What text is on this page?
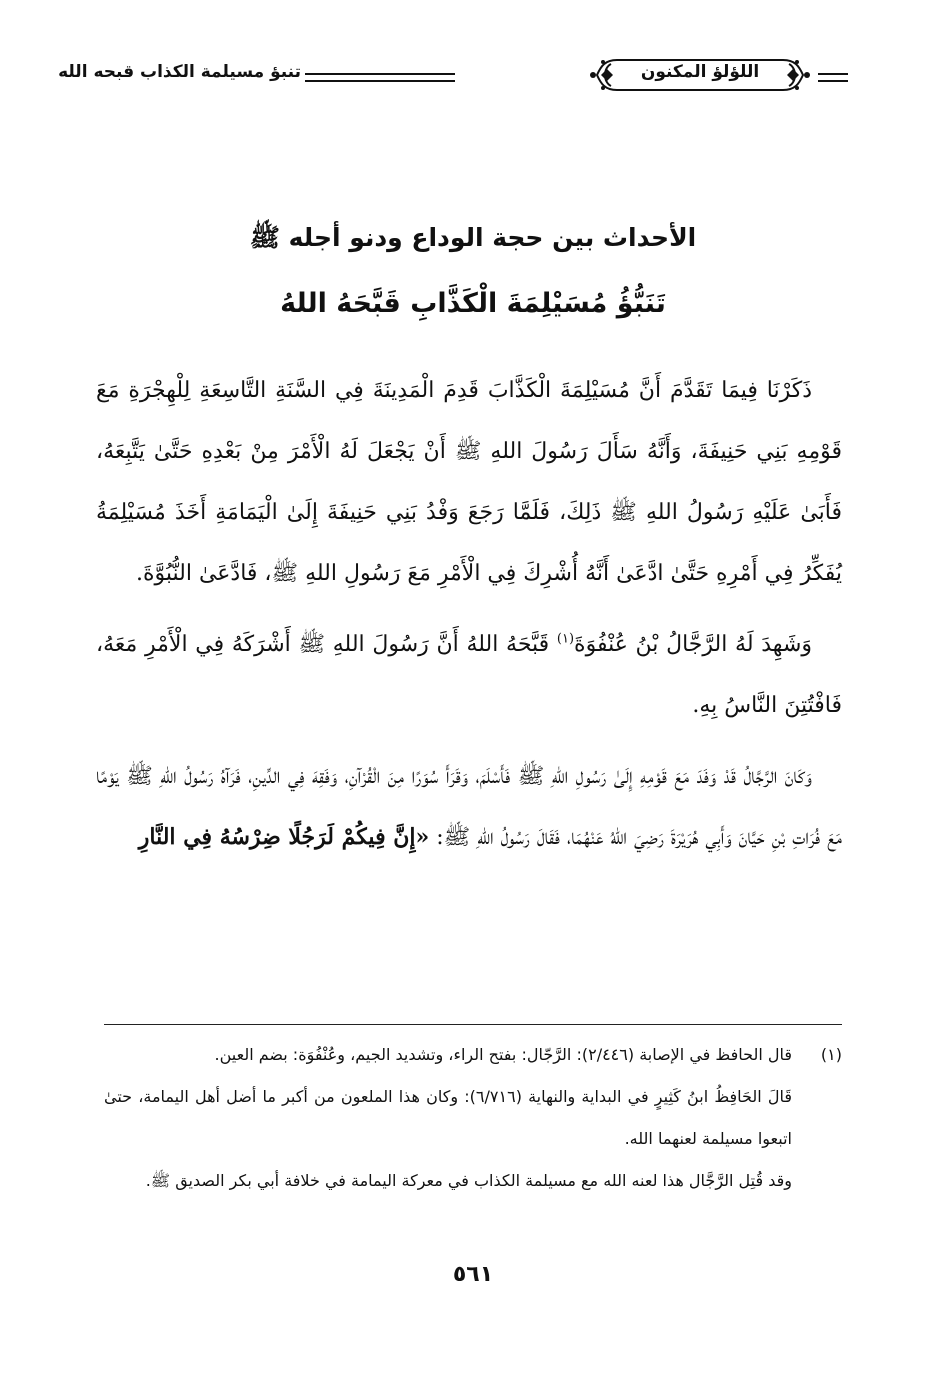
تنبؤ مسيلمة الكذاب قبحه الله	اللؤلؤ المكنون
الأحداث بين حجة الوداع ودنو أجله ﷺ
تَنَبُّؤُ مُسَيْلِمَةَ الْكَذَّابِ قَبَّحَهُ اللهُ

ذَكَرْنَا فِيمَا تَقَدَّمَ أَنَّ مُسَيْلِمَةَ الْكَذَّابَ قَدِمَ الْمَدِينَةَ فِي السَّنَةِ التَّاسِعَةِ لِلْهِجْرَةِ مَعَ قَوْمِهِ بَنِي حَنِيفَةَ، وَأَنَّهُ سَأَلَ رَسُولَ اللهِ ﷺ أَنْ يَجْعَلَ لَهُ الْأَمْرَ مِنْ بَعْدِهِ حَتَّىٰ يَتَّبِعَهُ، فَأَبَىٰ عَلَيْهِ رَسُولُ اللهِ ﷺ ذَلِكَ، فَلَمَّا رَجَعَ وَفْدُ بَنِي حَنِيفَةَ إِلَىٰ الْيَمَامَةِ أَخَذَ مُسَيْلِمَةُ يُفَكِّرُ فِي أَمْرِهِ حَتَّىٰ ادَّعَىٰ أَنَّهُ أُشْرِكَ فِي الْأَمْرِ مَعَ رَسُولِ اللهِ ﷺ، فَادَّعَىٰ النُّبُوَّةَ.

وَشَهِدَ لَهُ الرَّجَّالُ بْنُ عُنْفُوَةَ$^{(١)}$ قَبَّحَهُ اللهُ أَنَّ رَسُولَ اللهِ ﷺ أَشْرَكَهُ فِي الْأَمْرِ مَعَهُ، فَافْتُتِنَ النَّاسُ بِهِ.

وَكَانَ الرَّجَّالُ قَدْ وَفَدَ مَعَ قَوْمِهِ إِلَىٰ رَسُولِ اللهِ ﷺ فَأَسْلَمَ، وَقَرَأَ سُوَرًا مِنَ الْقُرْآنِ، وَفَقِهَ فِي الدِّينِ، فَرَآهُ رَسُولُ اللهِ ﷺ يَوْمًا مَعَ فُرَاتِ بْنِ حَيَّانَ وَأَبِي هُرَيْرَةَ رَضِيَ اللهُ عَنْهُمَا، فَقَالَ رَسُولُ اللهِ ﷺ: «إِنَّ فِيكُمْ لَرَجُلًا ضِرْسُهُ فِي النَّارِ

(١)
قال الحافظ في الإصابة (٢/٤٤٦): الرَّجّال: بفتح الراء، وتشديد الجيم، وعُنْفُوَة: بضم العين.

قَالَ الحَافِظُ ابنُ كَثِيرٍ في البداية والنهاية (٦/٧١٦): وكان هذا الملعون من أكبر ما أضل أهل اليمامة، حتىٰ اتبعوا مسيلمة لعنهما الله.

وقد قُتِل الرَّجَّال هذا لعنه الله مع مسيلمة الكذاب في معركة اليمامة في خلافة أبي بكر الصديق ﷺ.

٥٦١
